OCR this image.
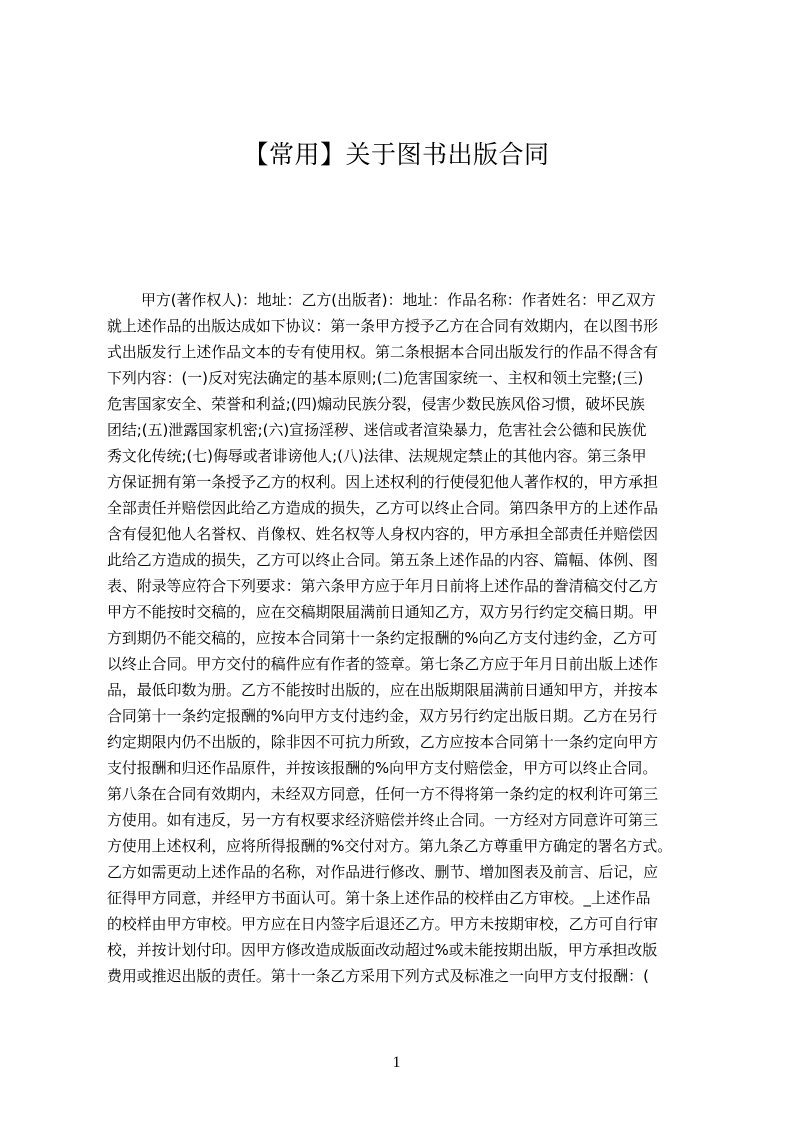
【常用】关于图书出版合同
甲方(著作权人)：地址：乙方(出版者)：地址：作品名称：作者姓名：甲乙双方
就上述作品的出版达成如下协议：第一条甲方授予乙方在合同有效期内，在以图书形
式出版发行上述作品文本的专有使用权。第二条根据本合同出版发行的作品不得含有
下列内容：(一)反对宪法确定的基本原则;(二)危害国家统一、主权和领土完整;(三)
危害国家安全、荣誉和利益;(四)煽动民族分裂，侵害少数民族风俗习惯，破坏民族
团结;(五)泄露国家机密;(六)宣扬淫秽、迷信或者渲染暴力，危害社会公德和民族优
秀文化传统;(七)侮辱或者诽谤他人;(八)法律、法规规定禁止的其他内容。第三条甲
方保证拥有第一条授予乙方的权利。因上述权利的行使侵犯他人著作权的，甲方承担
全部责任并赔偿因此给乙方造成的损失，乙方可以终止合同。第四条甲方的上述作品
含有侵犯他人名誉权、肖像权、姓名权等人身权内容的，甲方承担全部责任并赔偿因
此给乙方造成的损失，乙方可以终止合同。第五条上述作品的内容、篇幅、体例、图
表、附录等应符合下列要求：第六条甲方应于年月日前将上述作品的誊清稿交付乙方
甲方不能按时交稿的，应在交稿期限届满前日通知乙方，双方另行约定交稿日期。甲
方到期仍不能交稿的，应按本合同第十一条约定报酬的%向乙方支付违约金，乙方可
以终止合同。甲方交付的稿件应有作者的签章。第七条乙方应于年月日前出版上述作
品，最低印数为册。乙方不能按时出版的，应在出版期限届满前日通知甲方，并按本
合同第十一条约定报酬的%向甲方支付违约金，双方另行约定出版日期。乙方在另行
约定期限内仍不出版的，除非因不可抗力所致，乙方应按本合同第十一条约定向甲方
支付报酬和归还作品原件，并按该报酬的%向甲方支付赔偿金，甲方可以终止合同。
第八条在合同有效期内，未经双方同意，任何一方不得将第一条约定的权利许可第三
方使用。如有违反，另一方有权要求经济赔偿并终止合同。一方经对方同意许可第三
方使用上述权利，应将所得报酬的%交付对方。第九条乙方尊重甲方确定的署名方式。
乙方如需更动上述作品的名称，对作品进行修改、删节、增加图表及前言、后记，应
征得甲方同意，并经甲方书面认可。第十条上述作品的校样由乙方审校。_上述作品
的校样由甲方审校。甲方应在日内签字后退还乙方。甲方未按期审校，乙方可自行审
校，并按计划付印。因甲方修改造成版面改动超过%或未能按期出版，甲方承担改版
费用或推迟出版的责任。第十一条乙方采用下列方式及标准之一向甲方支付报酬：(
1
